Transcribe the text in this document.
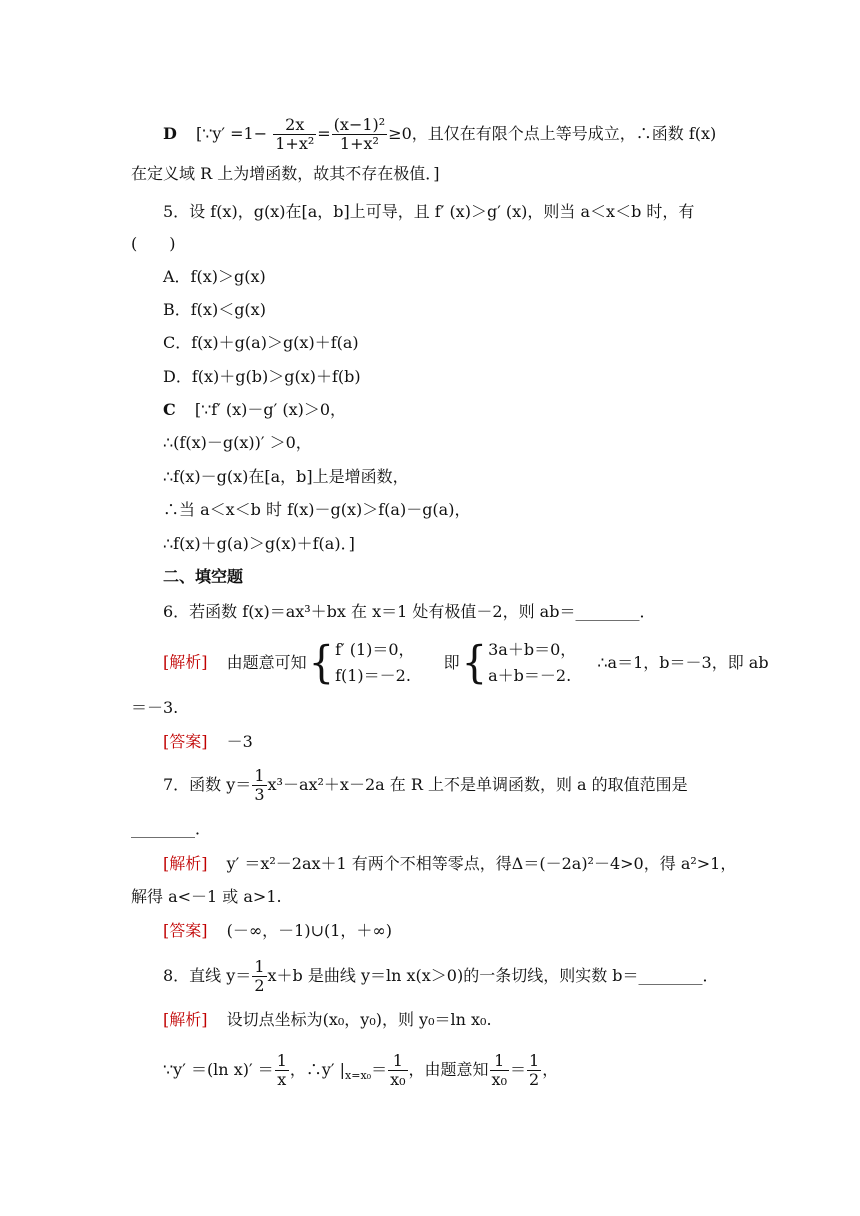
D [∵y′ $=1- \frac{2x}{\text{1+x²}} = \frac{\text{(x−1)²}}{\text{1+x²}} \ge 0$，且仅在有限个点上等号成立，∴函数 f(x)
在定义域 R 上为增函数，故其不存在极值．]
5．设 f(x)，g(x)在[a，b]上可导，且 f′ (x)＞g′ (x)，则当 a＜x＜b 时，有
(　　)
A．f(x)＞g(x)
B．f(x)＜g(x)
C．f(x)＋g(a)＞g(x)＋f(a)
D．f(x)＋g(b)＞g(x)＋f(b)
C [∵f′ (x)－g′ (x)＞0，
∴(f(x)－g(x))′ ＞0，
∴f(x)－g(x)在[a，b]上是增函数，
∴当 a＜x＜b 时 f(x)－g(x)＞f(a)－g(a)，
∴f(x)＋g(a)＞g(x)＋f(a)．]
二、填空题
6．若函数 f(x)＝ax³＋bx 在 x＝1 处有极值－2，则 ab＝________．
[解析] 由题意可知{ f′ (1)＝0，
f(1)＝－2.
即{ 3a＋b＝0，
a＋b＝－2.
∴a＝1，b＝－3，即 ab
＝－3.
[答案] －3
7．函数 $y= \frac{1}{3} x^3-ax^2+x-2a$ 在 R 上不是单调函数，则 a 的取值范围是
________．
[解析] y′ ＝x²－2ax＋1 有两个不相等零点，得Δ＝(－2a)²－4>0，得 a²>1，
解得 a<－1 或 a>1.
[答案] (－∞，－1)∪(1，＋∞)
8．直线 $y= \frac{1}{2} x+b$ 是曲线 y＝ln x(x＞0)的一条切线，则实数 b＝________．
[解析] 设切点坐标为(x₀，y₀)，则 y₀＝ln x₀.
∵y′ ＝(ln $x)' = \frac{1}{x}$ ，∴y′ $|_{x=x_0}= \frac{1}{\text{x₀}}$ ，由题意知 $\frac{1}{\text{x₀}} = \frac{1}{2}$ ，
